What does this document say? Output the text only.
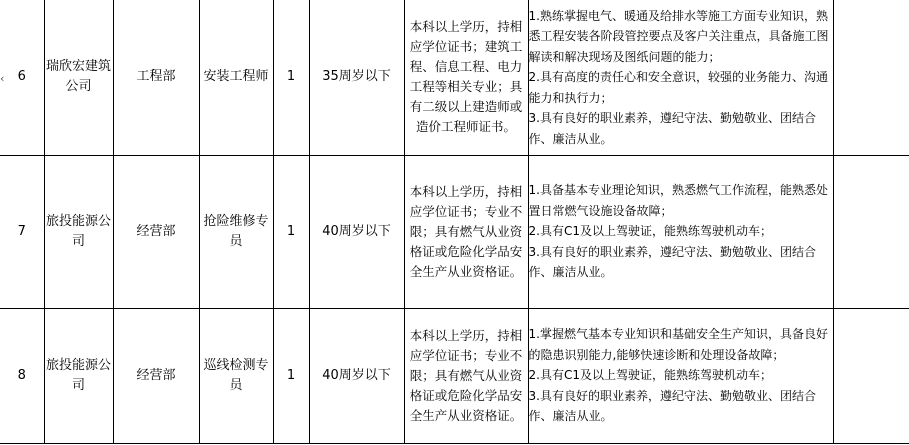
‹ 6	瑞欣宏建筑公司	工程部	安装工程师	1	35周岁以下	本科以上学历，持相应学位证书；建筑工程、信息工程、电力工程等相关专业；具有二级以上建造师或造价工程师证书。	1.熟练掌握电气、暖通及给排水等施工方面专业知识，熟悉工程安装各阶段管控要点及客户关注重点，具备施工图解读和解决现场及图纸问题的能力；
2.具有高度的责任心和安全意识，较强的业务能力、沟通能力和执行力；
3.具有良好的职业素养，遵纪守法、勤勉敬业、团结合作、廉洁从业。	

7	旅投能源公司	经营部	抢险维修专员	1	40周岁以下	本科以上学历，持相应学位证书；专业不限；具有燃气从业资格证或危险化学品安全生产从业资格证。	1.具备基本专业理论知识，熟悉燃气工作流程，能熟悉处置日常燃气设施设备故障；
2.具有C1及以上驾驶证，能熟练驾驶机动车；
3.具有良好的职业素养，遵纪守法、勤勉敬业、团结合作、廉洁从业。	

8	旅投能源公司	经营部	巡线检测专员	1	40周岁以下	本科以上学历，持相应学位证书；专业不限；具有燃气从业资格证或危险化学品安全生产从业资格证。	1.掌握燃气基本专业知识和基础安全生产知识，具备良好的隐患识别能力,能够快速诊断和处理设备故障；
2.具有C1及以上驾驶证，能熟练驾驶机动车；
3.具有良好的职业素养，遵纪守法、勤勉敬业、团结合作、廉洁从业。	
